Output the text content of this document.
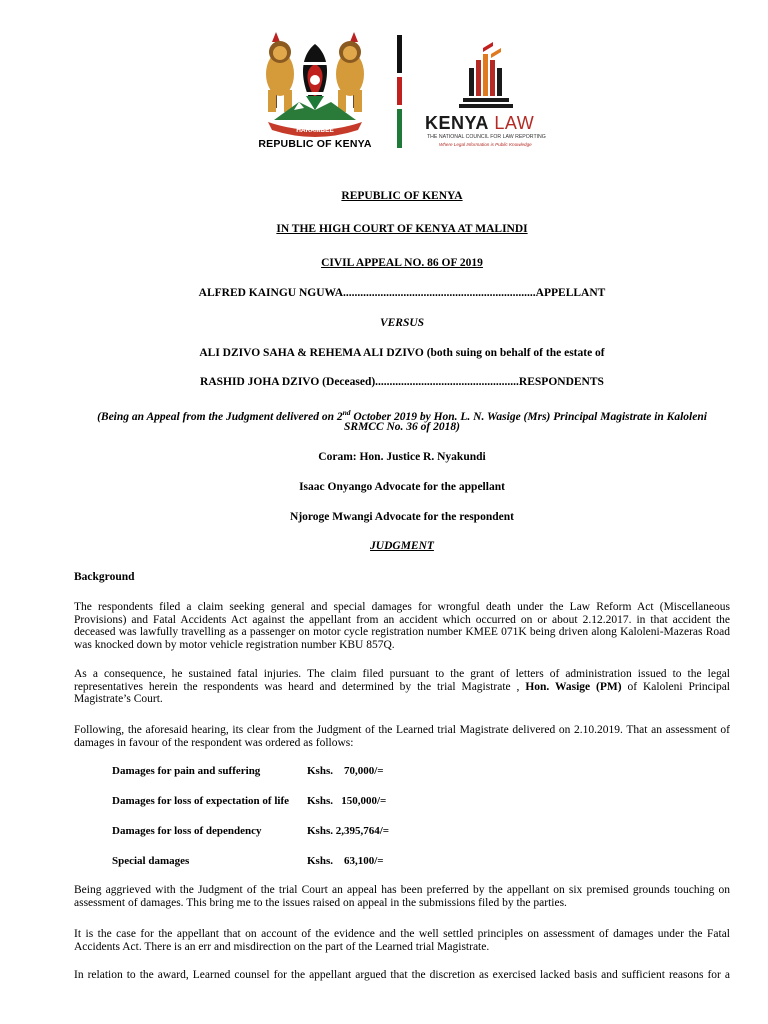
HARAMBEE
REPUBLIC OF KENYA
KENYA LAW
THE NATIONAL COUNCIL FOR LAW REPORTING
Where Legal Information is Public Knowledge
REPUBLIC OF KENYA
IN THE HIGH COURT OF KENYA AT MALINDI
CIVIL APPEAL NO. 86 OF 2019
ALFRED KAINGU NGUWA...................................................................APPELLANT
VERSUS
ALI DZIVO SAHA & REHEMA ALI DZIVO (both suing on behalf of the estate of
RASHID JOHA DZIVO (Deceased)..................................................RESPONDENTS
(Being an Appeal from the Judgment delivered on 2nd October 2019 by Hon. L. N. Wasige (Mrs) Principal Magistrate in Kaloleni
SRMCC No. 36 of 2018)
Coram: Hon. Justice R. Nyakundi
Isaac Onyango Advocate for the appellant
Njoroge Mwangi Advocate for the respondent
JUDGMENT
Background
The respondents filed a claim seeking general and special damages for wrongful death under the Law Reform Act (Miscellaneous
Provisions) and Fatal Accidents Act against the appellant from an accident which occurred on or about 2.12.2017. in that accident the
deceased was lawfully travelling as a passenger on motor cycle registration number KMEE 071K being driven along Kaloleni-Mazeras Road
was knocked down by motor vehicle registration number KBU 857Q.
As a consequence, he sustained fatal injuries. The claim filed pursuant to the grant of letters of administration issued to the legal
representatives herein the respondents was heard and determined by the trial Magistrate , Hon. Wasige (PM) of Kaloleni Principal
Magistrate’s Court.
Following, the aforesaid hearing, its clear from the Judgment of the Learned trial Magistrate delivered on 2.10.2019. That an assessment of
damages in favour of the respondent was ordered as follows:
Damages for pain and suffering	Kshs.    70,000/=
Damages for loss of expectation of life Kshs.   150,000/=
Damages for loss of dependency	Kshs. 2,395,764/=
Special damages	Kshs.    63,100/=
Being aggrieved with the Judgment of the trial Court an appeal has been preferred by the appellant on six premised grounds touching on
assessment of damages. This bring me to the issues raised on appeal in the submissions filed by the parties.
It is the case for the appellant that on account of the evidence and the well settled principles on assessment of damages under the Fatal
Accidents Act. There is an err and misdirection on the part of the Learned trial Magistrate.
In relation to the award, Learned counsel for the appellant argued that the discretion as exercised lacked basis and sufficient reasons for a
